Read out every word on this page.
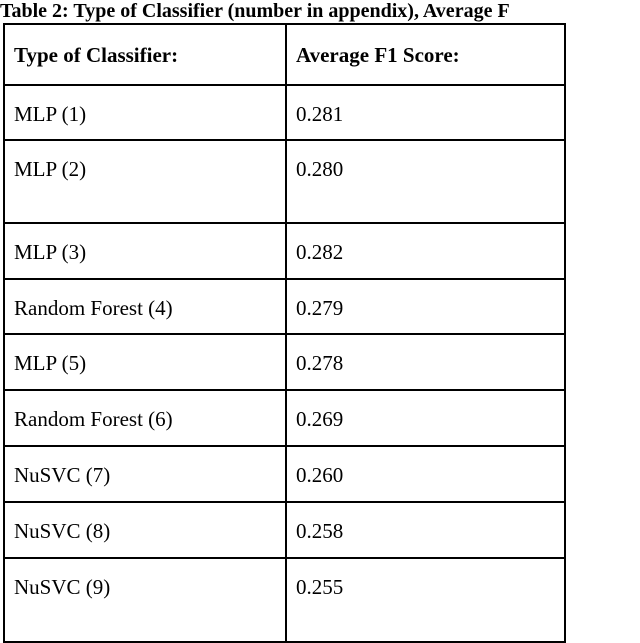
Table 2: Type of Classifier (number in appendix), Average F
Type of Classifier:	Average F1 Score:

MLP (1)	0.281

MLP (2)	0.280

MLP (3)	0.282

Random Forest (4)	0.279

MLP (5)	0.278

Random Forest (6)	0.269

NuSVC (7)	0.260

NuSVC (8)	0.258

NuSVC (9)	0.255
